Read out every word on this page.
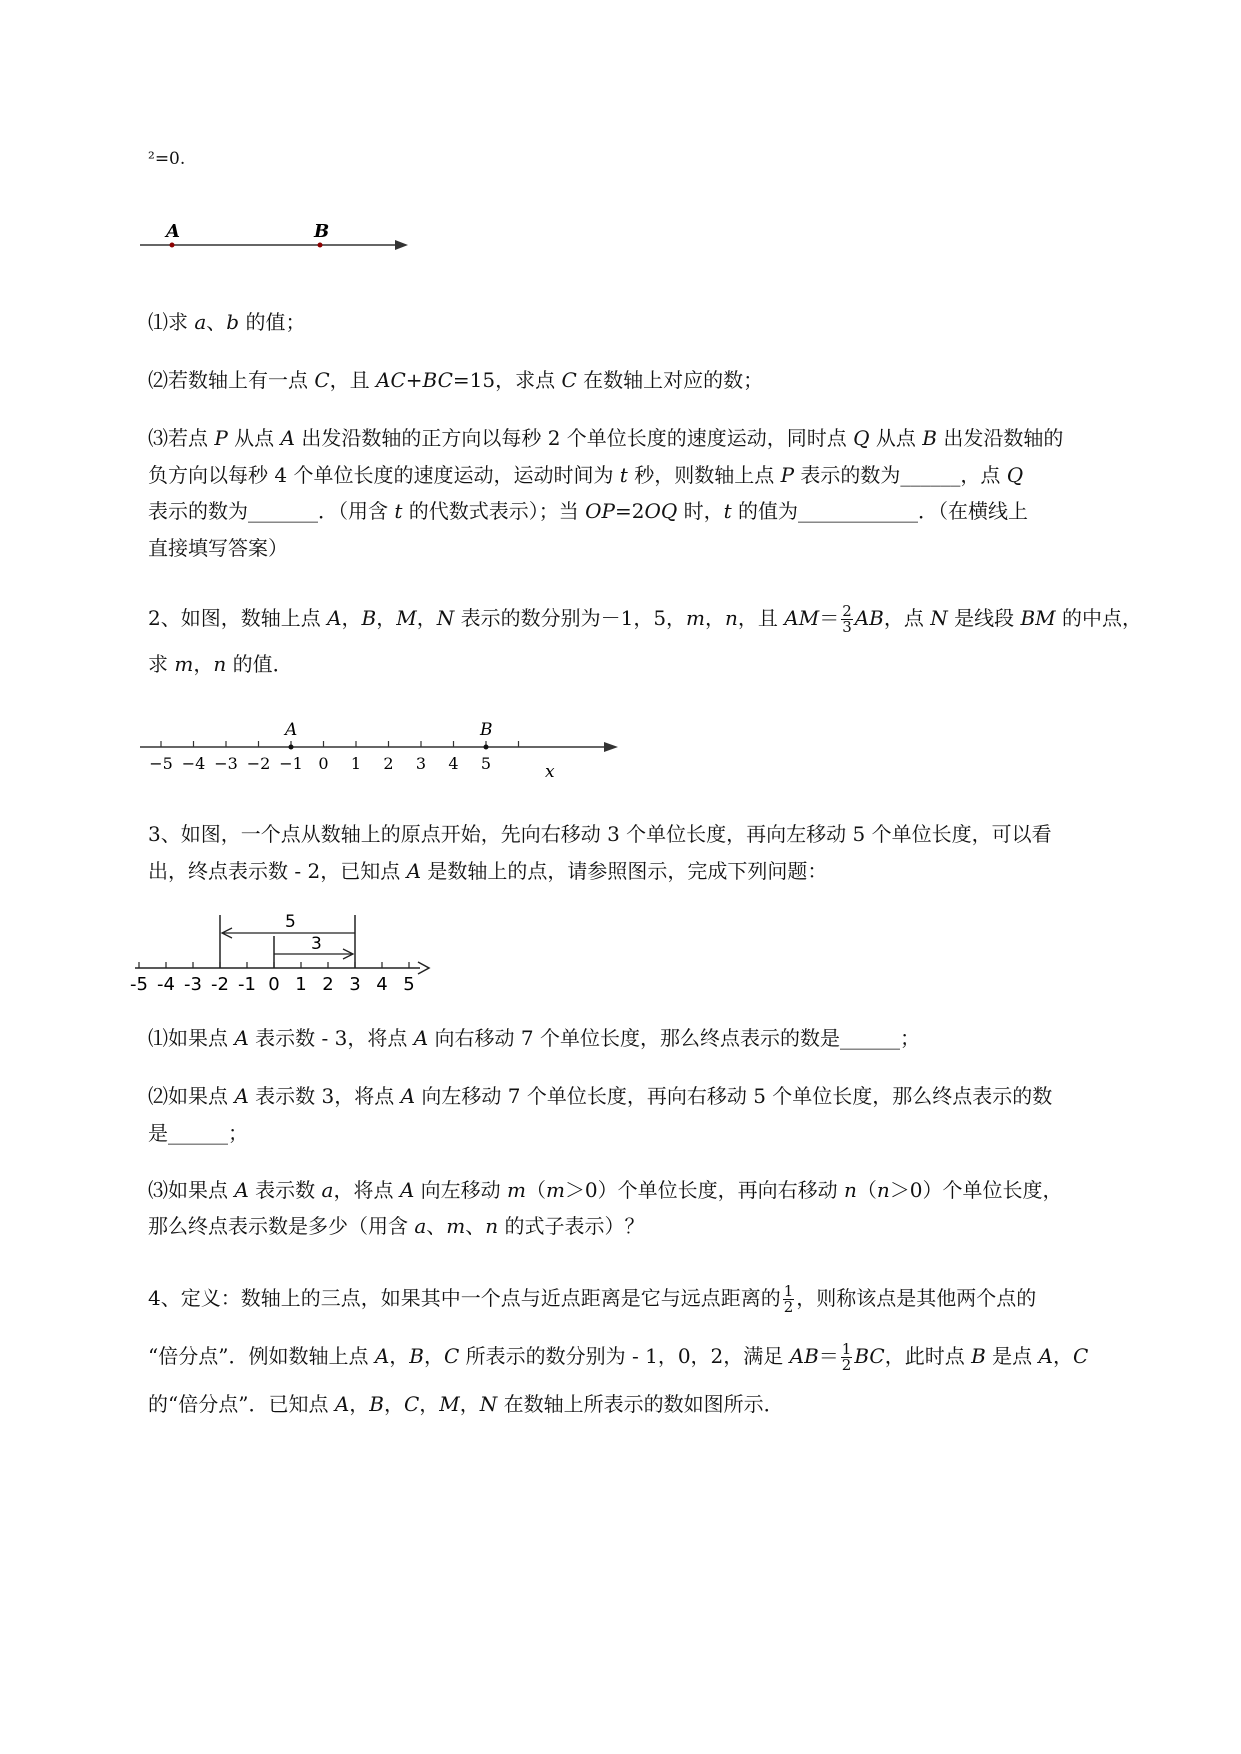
²=0.
A	B
⑴求 a、b 的值；
⑵若数轴上有一点 C，且 AC+BC=15，求点 C 在数轴上对应的数；
⑶若点 P 从点 A 出发沿数轴的正方向以每秒 2 个单位长度的速度运动，同时点 Q 从点 B 出发沿数轴的
负方向以每秒 4 个单位长度的速度运动，运动时间为 t 秒，则数轴上点 P 表示的数为______，点 Q
表示的数为_______．（用含 t 的代数式表示）；当 OP=2OQ 时，t 的值为____________．（在横线上
直接填写答案）
2、如图，数轴上点 A，B，M，N 表示的数分别为－1，5，m，n，且 $AM= \frac{2}{3}$ AB，点 N 是线段 BM 的中点，
求 m，n 的值．
−5 −4 −3 −2 −1 0 1 2 3 4 5
A	B
x
3、如图，一个点从数轴上的原点开始，先向右移动 3 个单位长度，再向左移动 5 个单位长度，可以看
出，终点表示数 - 2，已知点 A 是数轴上的点，请参照图示，完成下列问题：
-5 -4 -3 -2 -1 0 1 2 3 4 5
5
3
⑴如果点 A 表示数 - 3，将点 A 向右移动 7 个单位长度，那么终点表示的数是______；
⑵如果点 A 表示数 3，将点 A 向左移动 7 个单位长度，再向右移动 5 个单位长度，那么终点表示的数
是______；
⑶如果点 A 表示数 a，将点 A 向左移动 m（m＞0）个单位长度，再向右移动 n（n＞0）个单位长度，
那么终点表示数是多少（用含 a、m、n 的式子表示）？
4、定义：数轴上的三点，如果其中一个点与近点距离是它与远点距离的 $\frac{1}{2}$ ，则称该点是其他两个点的
“倍分点”．例如数轴上点 A，B，C 所表示的数分别为 - 1，0，2，满足 $AB= \frac{1}{2}$ BC，此时点 B 是点 A，C
的“倍分点”．已知点 A，B，C，M，N 在数轴上所表示的数如图所示．
